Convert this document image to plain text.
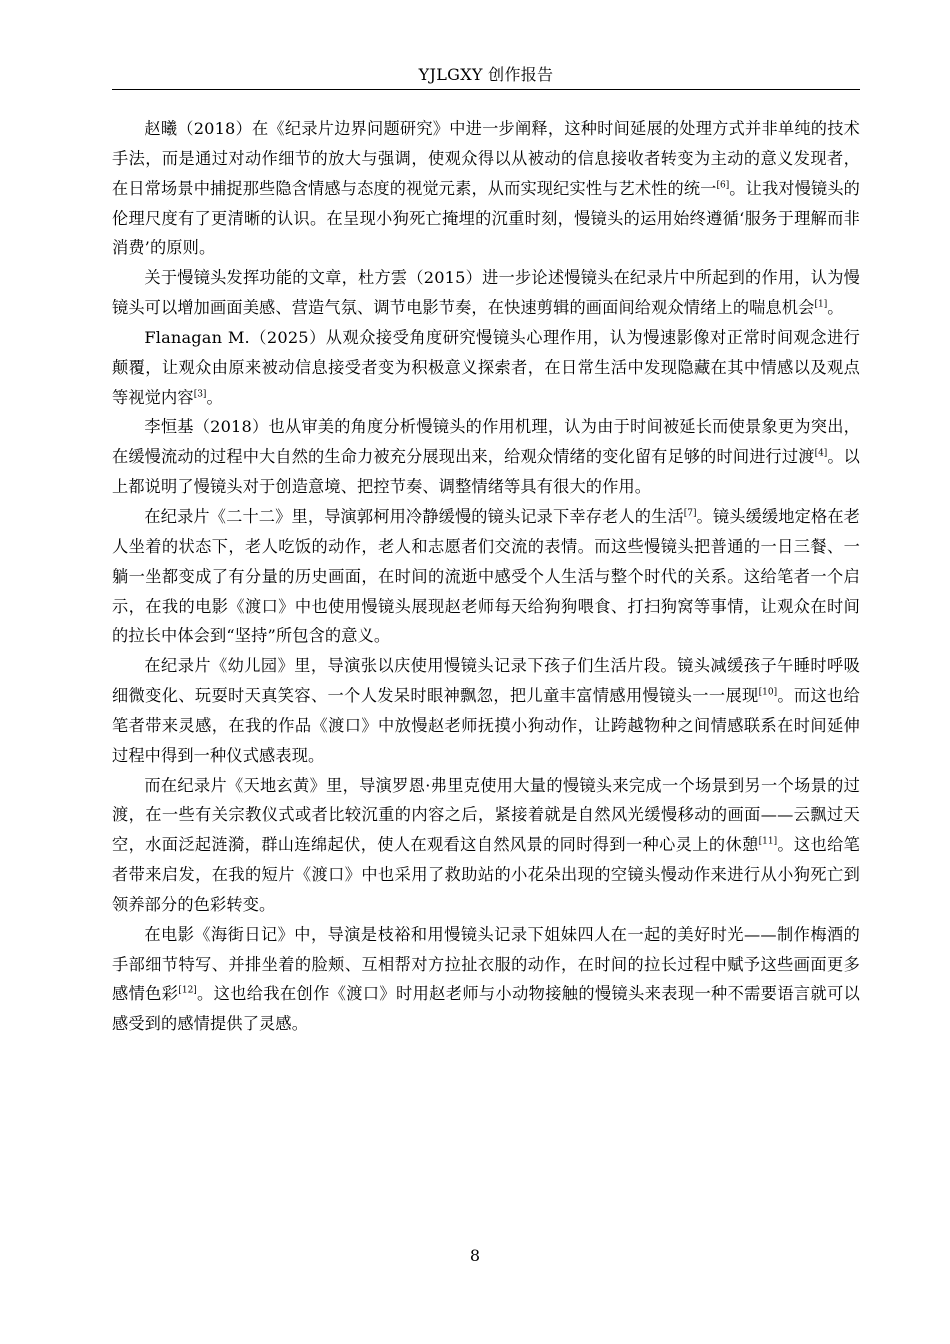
YJLGXY 创作报告

赵曦（2018）在《纪录片边界问题研究》中进一步阐释，这种时间延展的处理方式并非单纯的技术手法，而是通过对动作细节的放大与强调，使观众得以从被动的信息接收者转变为主动的意义发现者，在日常场景中捕捉那些隐含情感与态度的视觉元素，从而实现纪实性与艺术性的统一[6]。让我对慢镜头的伦理尺度有了更清晰的认识。在呈现小狗死亡掩埋的沉重时刻，慢镜头的运用始终遵循‘服务于理解而非消费’的原则。

关于慢镜头发挥功能的文章，杜方雲（2015）进一步论述慢镜头在纪录片中所起到的作用，认为慢镜头可以增加画面美感、营造气氛、调节电影节奏，在快速剪辑的画面间给观众情绪上的喘息机会[1]。

Flanagan M.（2025）从观众接受角度研究慢镜头心理作用，认为慢速影像对正常时间观念进行颠覆，让观众由原来被动信息接受者变为积极意义探索者，在日常生活中发现隐藏在其中情感以及观点等视觉内容[3]。

李恒基（2018）也从审美的角度分析慢镜头的作用机理，认为由于时间被延长而使景象更为突出，在缓慢流动的过程中大自然的生命力被充分展现出来，给观众情绪的变化留有足够的时间进行过渡[4]。以上都说明了慢镜头对于创造意境、把控节奏、调整情绪等具有很大的作用。

在纪录片《二十二》里，导演郭柯用冷静缓慢的镜头记录下幸存老人的生活[7]。镜头缓缓地定格在老人坐着的状态下，老人吃饭的动作，老人和志愿者们交流的表情。而这些慢镜头把普通的一日三餐、一躺一坐都变成了有分量的历史画面，在时间的流逝中感受个人生活与整个时代的关系。这给笔者一个启示，在我的电影《渡口》中也使用慢镜头展现赵老师每天给狗狗喂食、打扫狗窝等事情，让观众在时间的拉长中体会到“坚持”所包含的意义。

在纪录片《幼儿园》里，导演张以庆使用慢镜头记录下孩子们生活片段。镜头减缓孩子午睡时呼吸细微变化、玩耍时天真笑容、一个人发呆时眼神飘忽，把儿童丰富情感用慢镜头一一展现[10]。而这也给笔者带来灵感，在我的作品《渡口》中放慢赵老师抚摸小狗动作，让跨越物种之间情感联系在时间延伸过程中得到一种仪式感表现。

而在纪录片《天地玄黄》里，导演罗恩·弗里克使用大量的慢镜头来完成一个场景到另一个场景的过渡，在一些有关宗教仪式或者比较沉重的内容之后，紧接着就是自然风光缓慢移动的画面——云飘过天空，水面泛起涟漪，群山连绵起伏，使人在观看这自然风景的同时得到一种心灵上的休憩[11]。这也给笔者带来启发，在我的短片《渡口》中也采用了救助站的小花朵出现的空镜头慢动作来进行从小狗死亡到领养部分的色彩转变。

在电影《海街日记》中，导演是枝裕和用慢镜头记录下姐妹四人在一起的美好时光——制作梅酒的手部细节特写、并排坐着的脸颊、互相帮对方拉扯衣服的动作，在时间的拉长过程中赋予这些画面更多感情色彩[12]。这也给我在创作《渡口》时用赵老师与小动物接触的慢镜头来表现一种不需要语言就可以感受到的感情提供了灵感。

8
